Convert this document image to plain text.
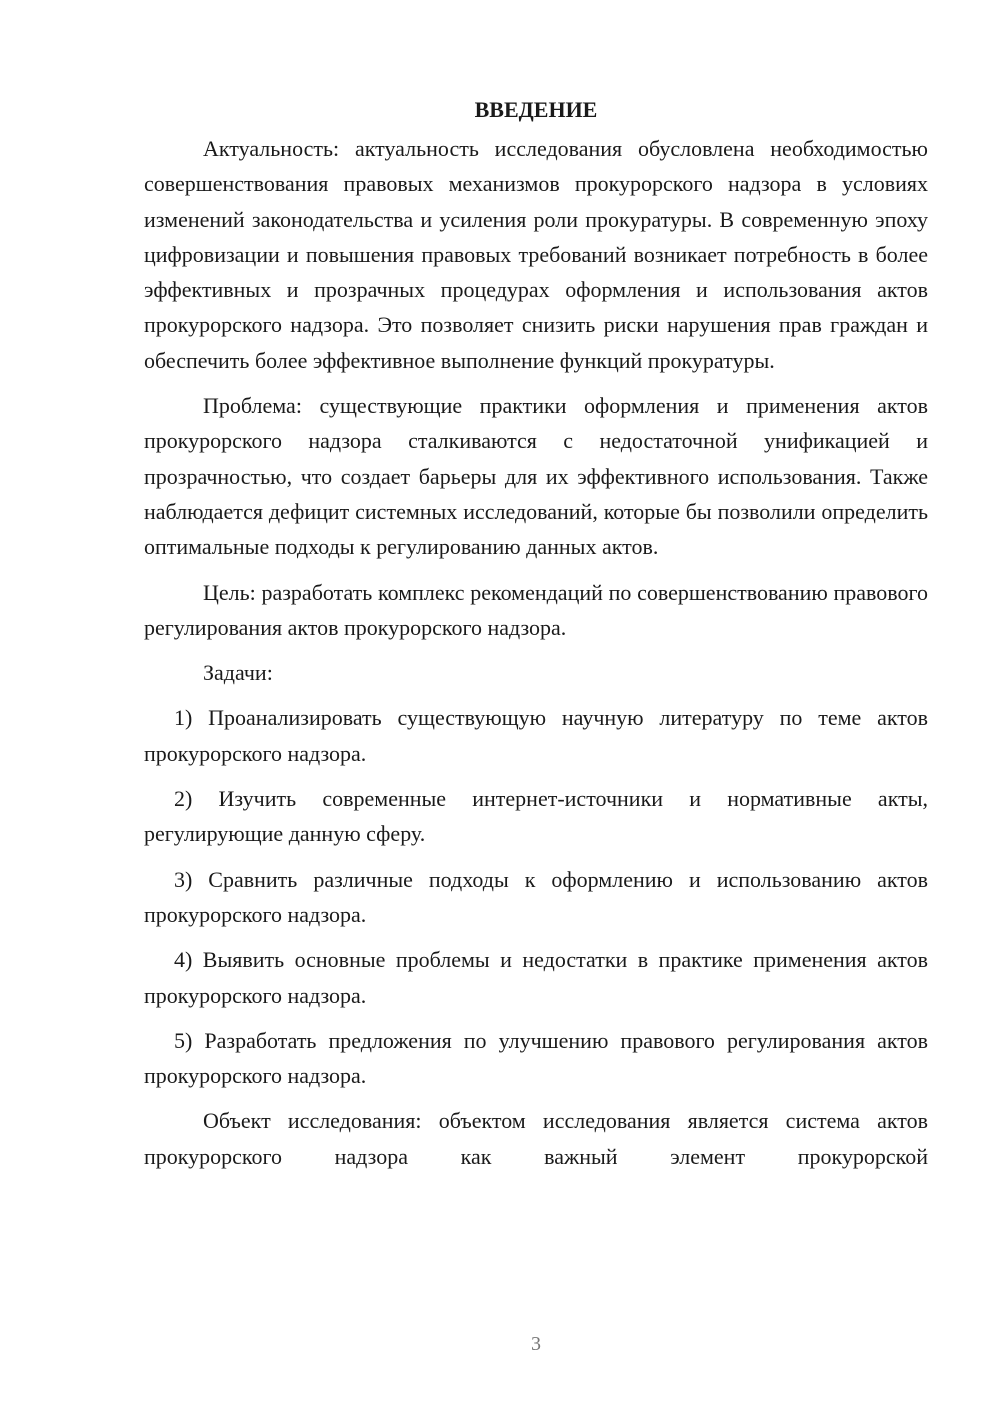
ВВЕДЕНИЕ

Актуальность: актуальность исследования обусловлена необходимостью совершенствования правовых механизмов прокурорского надзора в условиях изменений законодательства и усиления роли прокуратуры. В современную эпоху цифровизации и повышения правовых требований возникает потребность в более эффективных и прозрачных процедурах оформления и использования актов прокурорского надзора. Это позволяет снизить риски нарушения прав граждан и обеспечить более эффективное выполнение функций прокуратуры.

Проблема: существующие практики оформления и применения актов прокурорского надзора сталкиваются с недостаточной унификацией и прозрачностью, что создает барьеры для их эффективного использования. Также наблюдается дефицит системных исследований, которые бы позволили определить оптимальные подходы к регулированию данных актов.

Цель: разработать комплекс рекомендаций по совершенствованию правового регулирования актов прокурорского надзора.

Задачи:

1) Проанализировать существующую научную литературу по теме актов прокурорского надзора.

2) Изучить современные интернет-источники и нормативные акты, регулирующие данную сферу.

3) Сравнить различные подходы к оформлению и использованию актов прокурорского надзора.

4) Выявить основные проблемы и недостатки в практике применения актов прокурорского надзора.

5) Разработать предложения по улучшению правового регулирования актов прокурорского надзора.

Объект исследования: объектом исследования является система актов прокурорского надзора как важный элемент прокурорской

3
